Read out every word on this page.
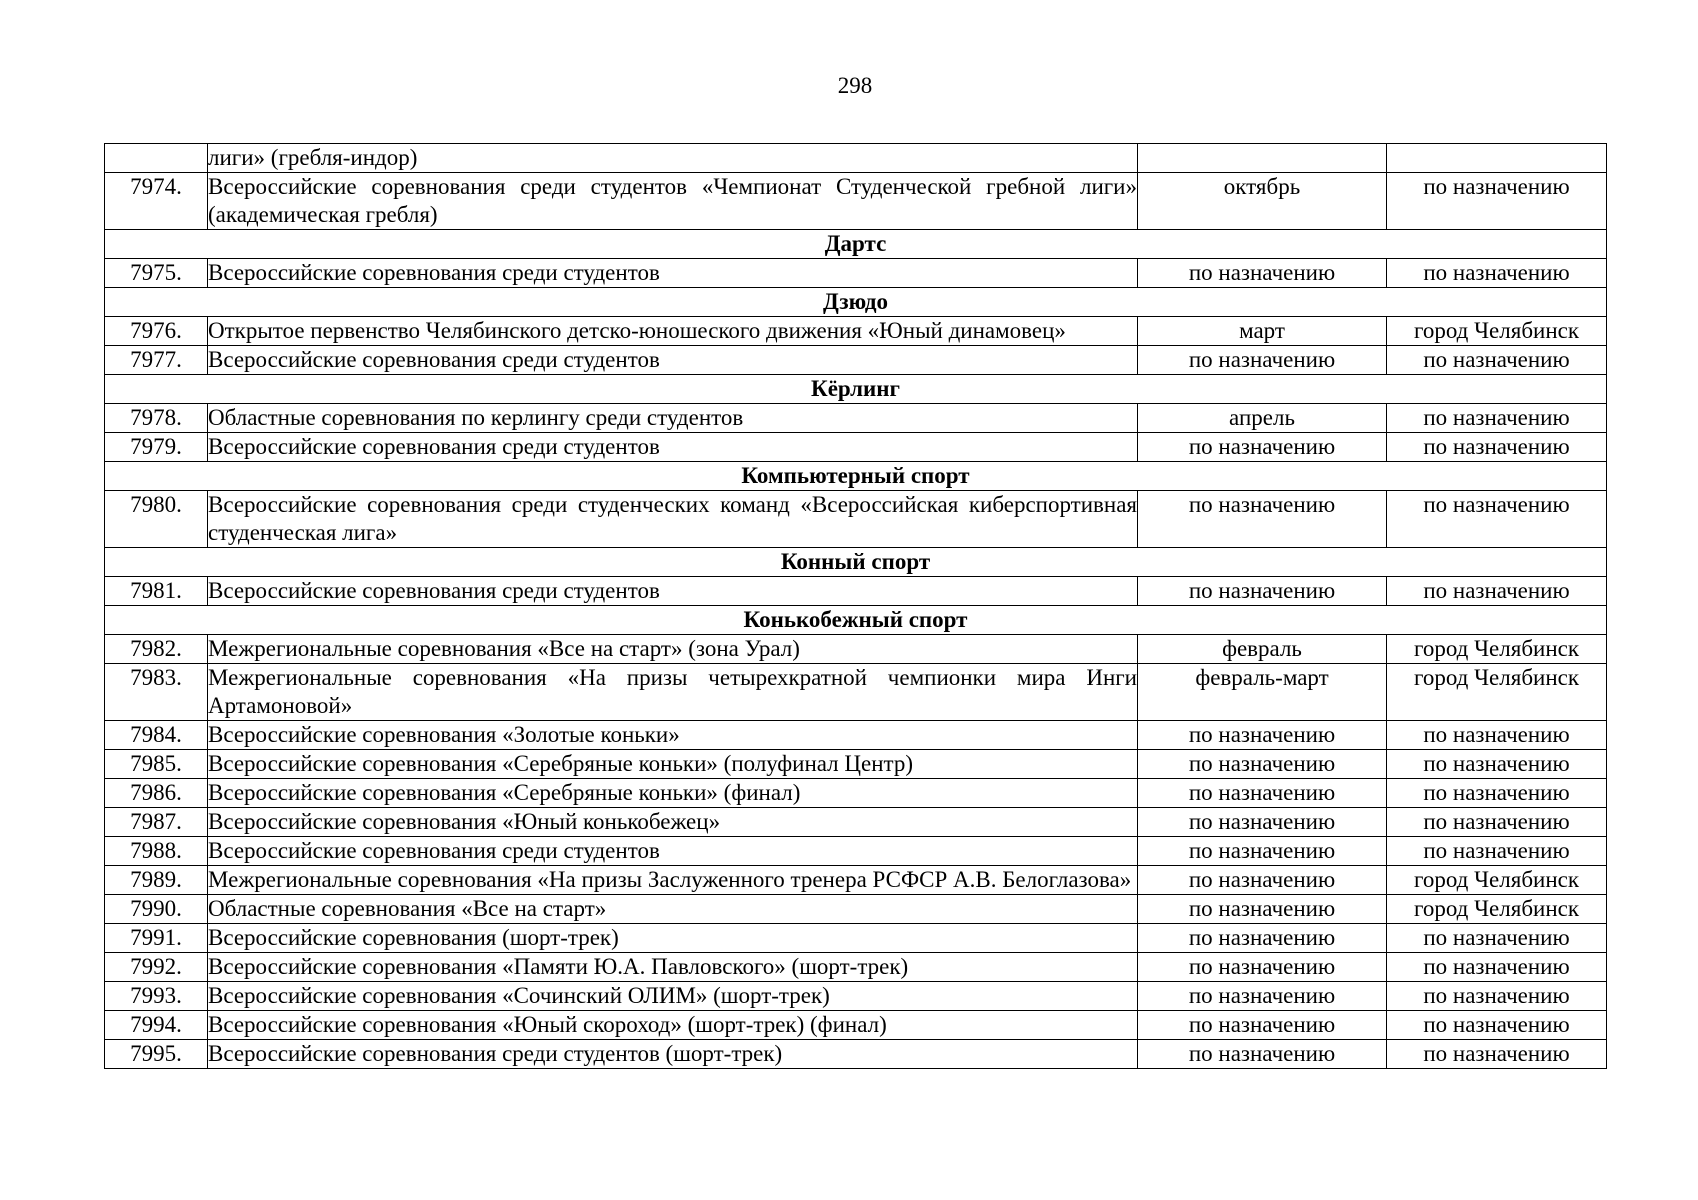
298
	лиги» (гребля-индор)		
7974.	Всероссийские соревнования среди студентов «Чемпионат Студенческой гребной лиги» (академическая гребля)	октябрь	по назначению
Дартс			
7975.	Всероссийские соревнования среди студентов	по назначению	по назначению
Дзюдо			
7976.	Открытое первенство Челябинского детско-юношеского движения «Юный динамовец»	март	город Челябинск
7977.	Всероссийские соревнования среди студентов	по назначению	по назначению
Кёрлинг			
7978.	Областные соревнования по керлингу среди студентов	апрель	по назначению
7979.	Всероссийские соревнования среди студентов	по назначению	по назначению
Компьютерный спорт			
7980.	Всероссийские соревнования среди студенческих команд «Всероссийская киберспортивная студенческая лига»	по назначению	по назначению
Конный спорт			
7981.	Всероссийские соревнования среди студентов	по назначению	по назначению
Конькобежный спорт			
7982.	Межрегиональные соревнования «Все на старт» (зона Урал)	февраль	город Челябинск
7983.	Межрегиональные соревнования «На призы четырехкратной чемпионки мира Инги Артамоновой»	февраль-март	город Челябинск
7984.	Всероссийские соревнования «Золотые коньки»	по назначению	по назначению
7985.	Всероссийские соревнования «Серебряные коньки» (полуфинал Центр)	по назначению	по назначению
7986.	Всероссийские соревнования «Серебряные коньки» (финал)	по назначению	по назначению
7987.	Всероссийские соревнования «Юный конькобежец»	по назначению	по назначению
7988.	Всероссийские соревнования среди студентов	по назначению	по назначению
7989.	Межрегиональные соревнования «На призы Заслуженного тренера РСФСР А.В. Белоглазова»	по назначению	город Челябинск
7990.	Областные соревнования «Все на старт»	по назначению	город Челябинск
7991.	Всероссийские соревнования (шорт-трек)	по назначению	по назначению
7992.	Всероссийские соревнования «Памяти Ю.А. Павловского» (шорт-трек)	по назначению	по назначению
7993.	Всероссийские соревнования «Сочинский ОЛИМ» (шорт-трек)	по назначению	по назначению
7994.	Всероссийские соревнования «Юный скороход» (шорт-трек) (финал)	по назначению	по назначению
7995.	Всероссийские соревнования среди студентов (шорт-трек)	по назначению	по назначению
